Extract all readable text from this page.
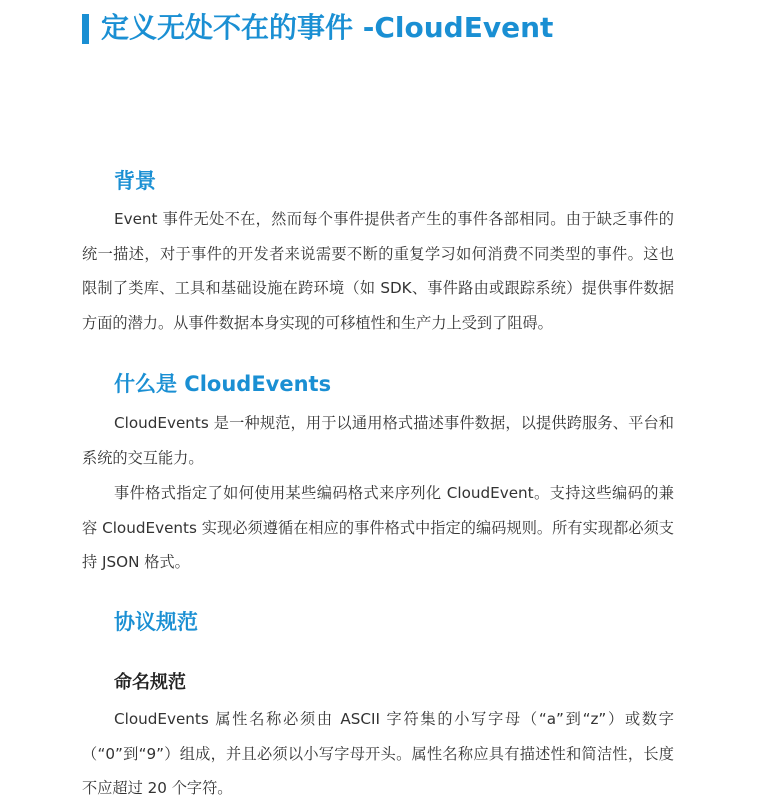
定义无处不在的事件 -CloudEvent
背景

Event 事件无处不在，然而每个事件提供者产生的事件各部相同。由于缺乏事件的统一描述，对于事件的开发者来说需要不断的重复学习如何消费不同类型的事件。这也限制了类库、工具和基础设施在跨环境（如 SDK、事件路由或跟踪系统）提供事件数据方面的潜力。从事件数据本身实现的可移植性和生产力上受到了阻碍。

什么是 CloudEvents

CloudEvents 是一种规范，用于以通用格式描述事件数据，以提供跨服务、平台和系统的交互能力。

事件格式指定了如何使用某些编码格式来序列化 CloudEvent。支持这些编码的兼容 CloudEvents 实现必须遵循在相应的事件格式中指定的编码规则。所有实现都必须支持 JSON 格式。

协议规范
命名规范

CloudEvents 属性名称必须由 ASCII 字符集的小写字母（“a”到“z”）或数字（“0”到“9”）组成，并且必须以小写字母开头。属性名称应具有描述性和简洁性，长度不应超过 20 个字符。
